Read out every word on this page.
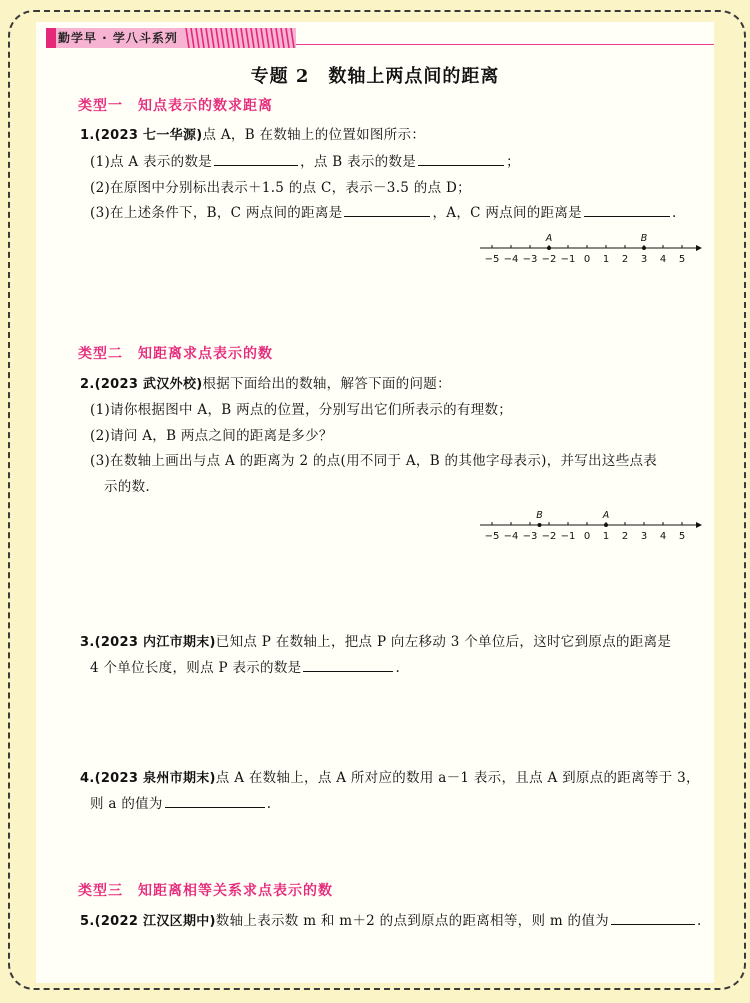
勤学早 · 学八斗系列
专题 2　数轴上两点间的距离
类型一　知点表示的数求距离
1.(2023 七一华源)点 A，B 在数轴上的位置如图所示：
(1)点 A 表示的数是	，点 B 表示的数是	；
(2)在原图中分别标出表示＋1.5 的点 C，表示－3.5 的点 D；
(3)在上述条件下，B，C 两点间的距离是	，A，C 两点间的距离是	.
−5 −4 −3 −2 −1 0 1 2 3 4 5
A	B
类型二　知距离求点表示的数
2.(2023 武汉外校)根据下面给出的数轴，解答下面的问题：
(1)请你根据图中 A，B 两点的位置，分别写出它们所表示的有理数；
(2)请问 A，B 两点之间的距离是多少？
(3)在数轴上画出与点 A 的距离为 2 的点(用不同于 A，B 的其他字母表示)，并写出这些点表
示的数.
−5 −4 −3 −2 −1 0 1 2 3 4 5
B	A
3.(2023 内江市期末)已知点 P 在数轴上，把点 P 向左移动 3 个单位后，这时它到原点的距离是
4 个单位长度，则点 P 表示的数是	.
4.(2023 泉州市期末)点 A 在数轴上，点 A 所对应的数用 a－1 表示，且点 A 到原点的距离等于 3，
则 a 的值为	.
类型三　知距离相等关系求点表示的数
5.(2022 江汉区期中)数轴上表示数 m 和 m＋2 的点到原点的距离相等，则 m 的值为	.
